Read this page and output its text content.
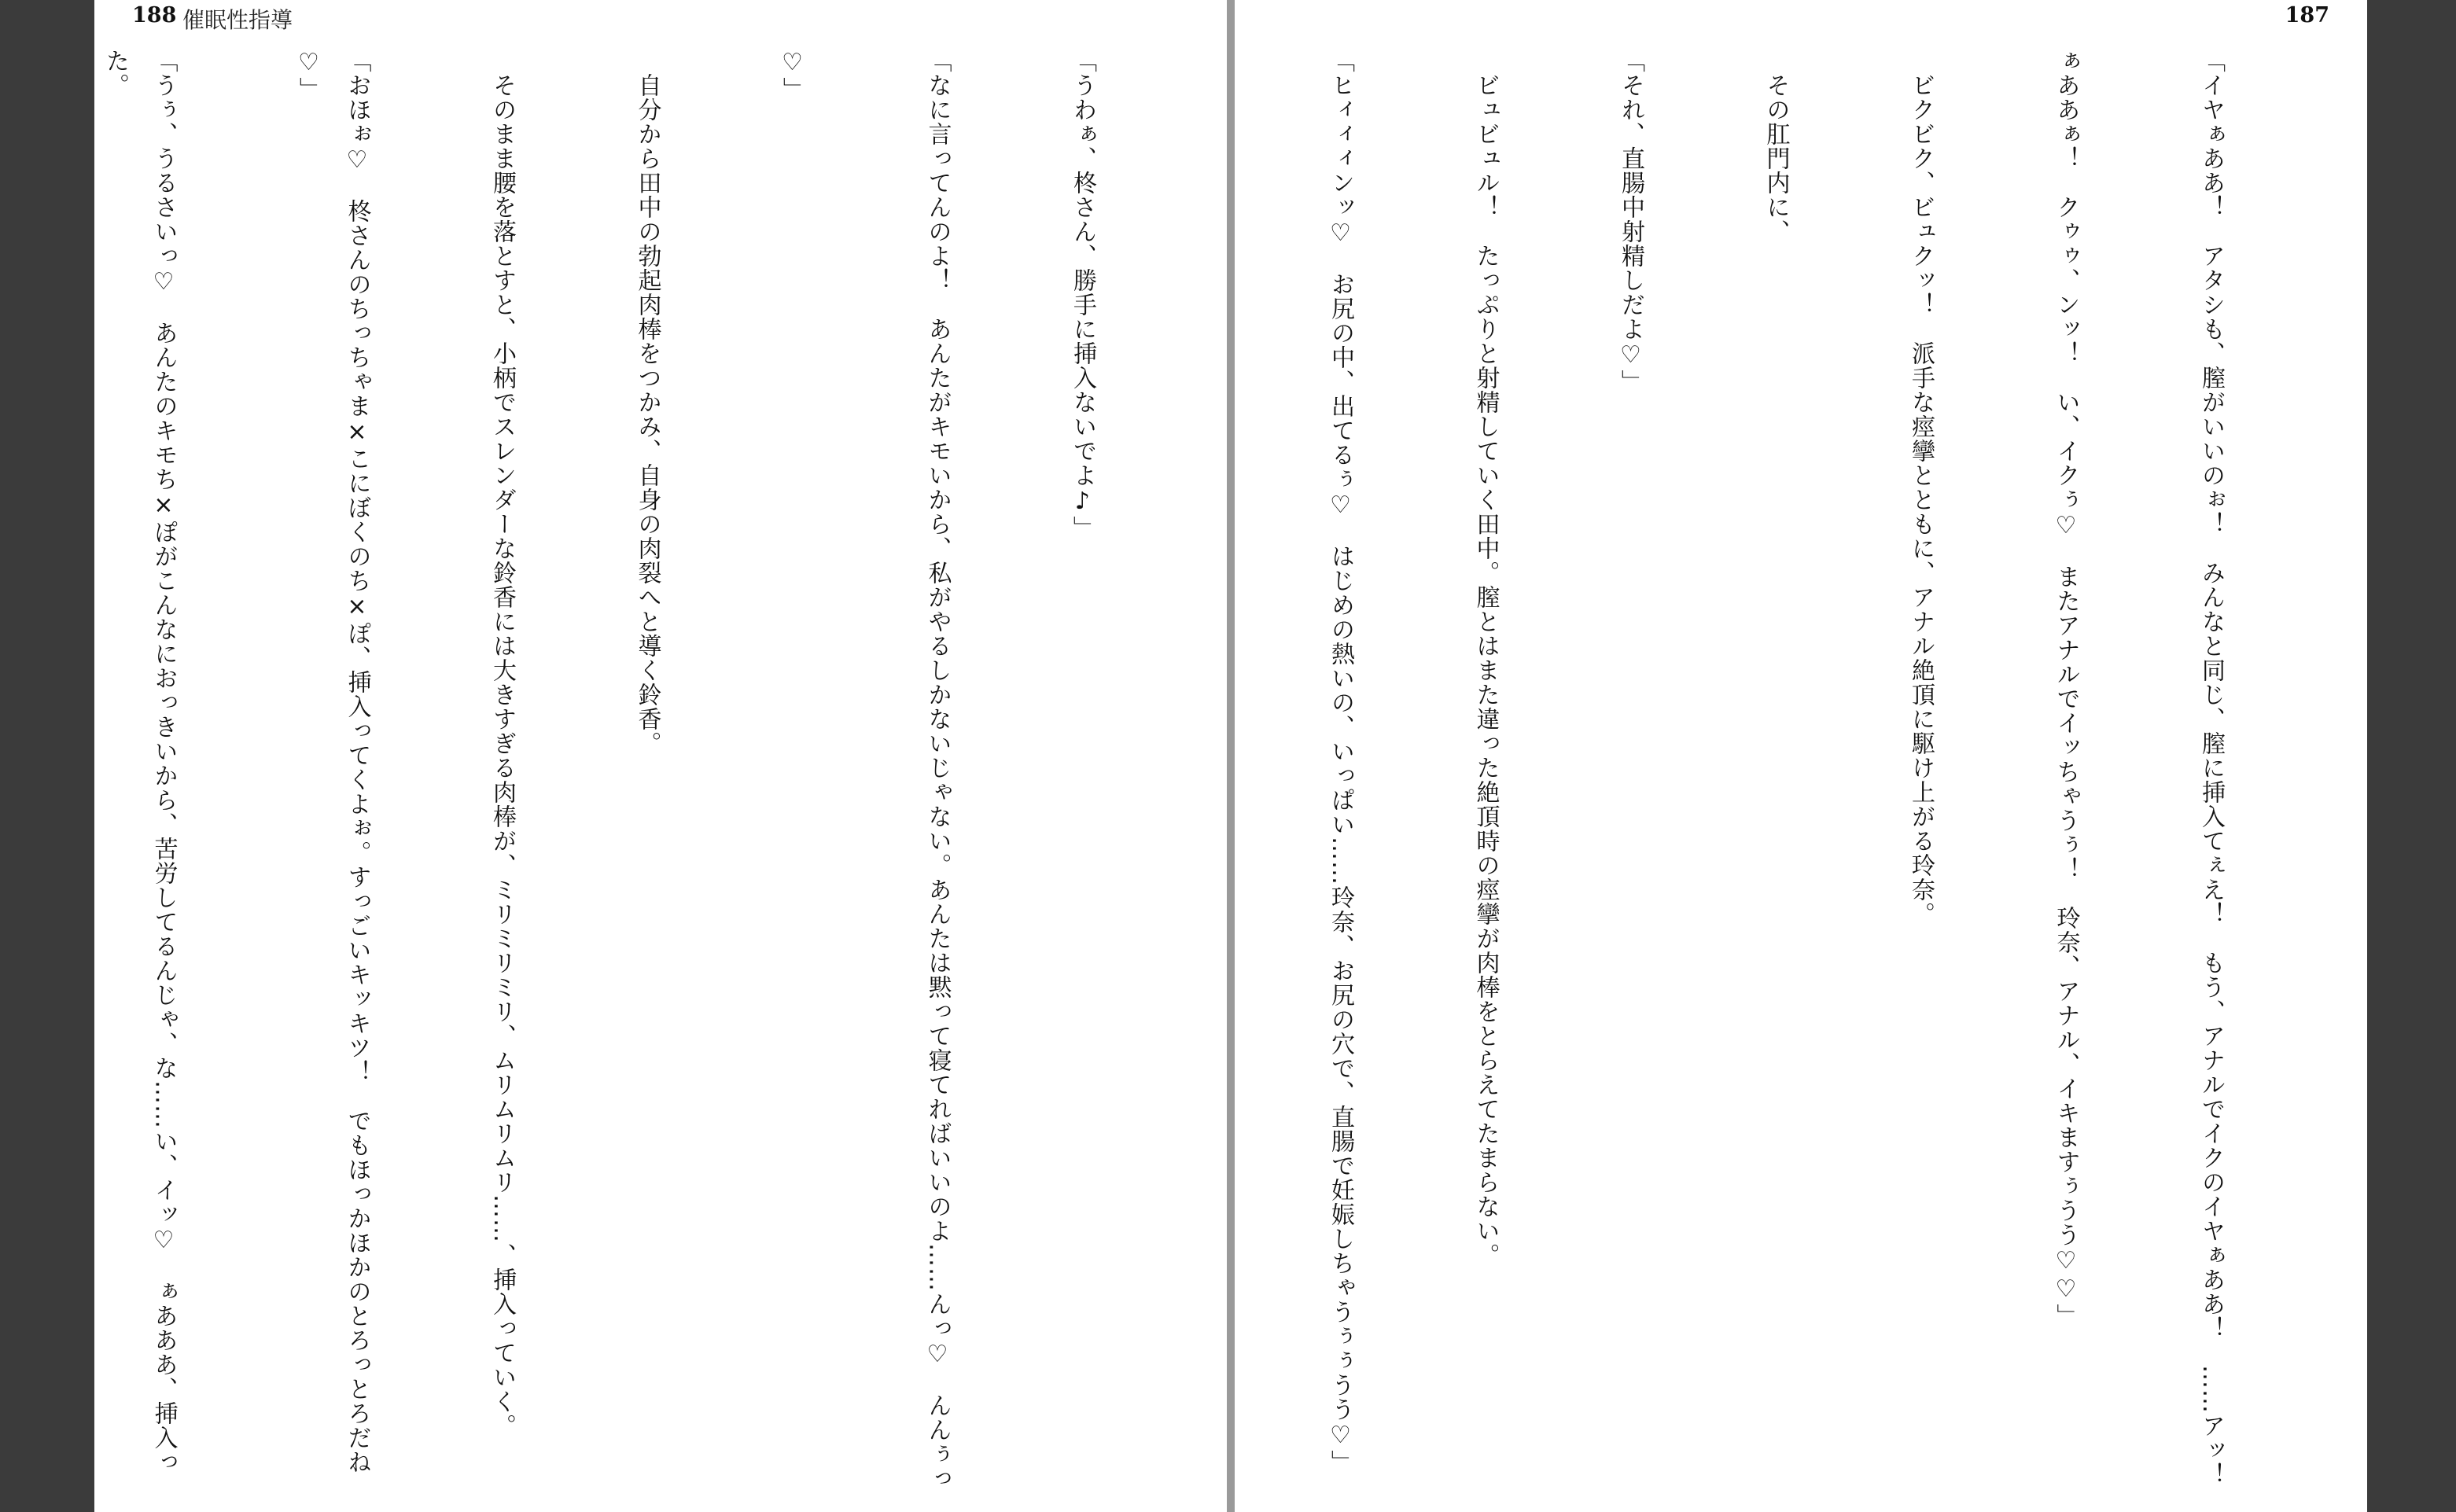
187

「イヤぁああ！　アタシも、膣がいいのぉ！　みんなと同じ、膣に挿入てぇえ！　もう、アナルでイクのイヤぁああ！　……アッ！

ぁああぁ！　クゥゥ、ンッ！　い、イクぅ♡　またアナルでイッちゃうぅ！　玲奈、アナル、イキますぅうう♡♡」

　ビクビク、ビュクッ！　派手な痙攣とともに、アナル絶頂に駆け上がる玲奈。

　その肛門内に、

「それ、直腸中射精しだよ♡」

　ビュビュル！　たっぷりと射精していく田中。膣とはまた違った絶頂時の痙攣が肉棒をとらえてたまらない。

「ヒィィィンッ♡　お尻の中、出てるぅ♡　はじめの熱いの、いっぱい……玲奈、お尻の穴で、直腸で妊娠しちゃうぅぅうう♡」

188 催眠性指導

「うわぁ、柊さん、勝手に挿入ないでよ♪」

「なに言ってんのよ！　あんたがキモいから、私がやるしかないじゃない。あんたは黙って寝てればいいのよ……んっ♡　んんぅっ

♡」

　自分から田中の勃起肉棒をつかみ、自身の肉裂へと導く鈴香。

　そのまま腰を落とすと、小柄でスレンダーな鈴香には大きすぎる肉棒が、ミリミリミリ、ムリムリムリ……、挿入っていく。

「おほぉ♡　柊さんのちっちゃま×こにぼくのち×ぽ、挿入ってくよぉ。すっごいキッキツ！　でもほっかほかのとろっとろだね♡」

「うぅ、うるさいっ♡　あんたのキモち×ぽがこんなにおっきいから、苦労してるんじゃ、な……い、イッ♡　ぁあああ、挿入った。
